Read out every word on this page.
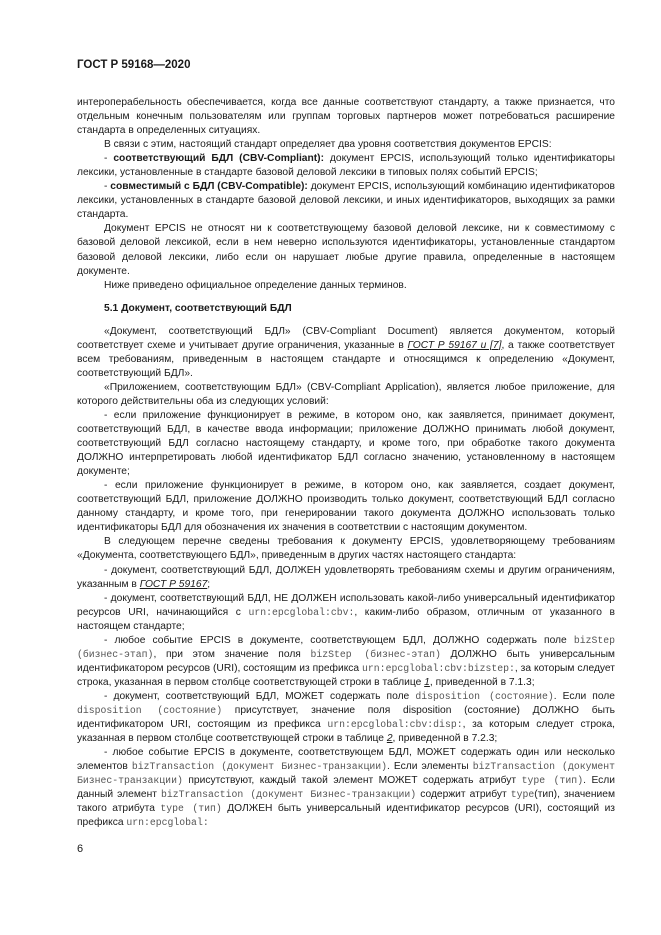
ГОСТ Р 59168—2020

интероперабельность обеспечивается, когда все данные соответствуют стандарту, а также признается, что отдельным конечным пользователям или группам торговых партнеров может потребоваться расширение стандарта в определенных ситуациях.

В связи с этим, настоящий стандарт определяет два уровня соответствия документов EPCIS:

- соответствующий БДЛ (CBV-Compliant): документ EPCIS, использующий только идентификаторы лексики, установленные в стандарте базовой деловой лексики в типовых полях событий EPCIS;

- совместимый с БДЛ (CBV-Compatible): документ EPCIS, использующий комбинацию идентификаторов лексики, установленных в стандарте базовой деловой лексики, и иных идентификаторов, выходящих за рамки стандарта.

Документ EPCIS не относят ни к соответствующему базовой деловой лексике, ни к совместимому с базовой деловой лексикой, если в нем неверно используются идентификаторы, установленные стандартом базовой деловой лексики, либо если он нарушает любые другие правила, определенные в настоящем документе.

Ниже приведено официальное определение данных терминов.

5.1 Документ, соответствующий БДЛ

«Документ, соответствующий БДЛ» (CBV-Compliant Document) является документом, который соответствует схеме и учитывает другие ограничения, указанные в ГОСТ Р 59167 и [7], а также соответствует всем требованиям, приведенным в настоящем стандарте и относящимся к определению «Документ, соответствующий БДЛ».

«Приложением, соответствующим БДЛ» (CBV-Compliant Application), является любое приложение, для которого действительны оба из следующих условий:

- если приложение функционирует в режиме, в котором оно, как заявляется, принимает документ, соответствующий БДЛ, в качестве ввода информации; приложение ДОЛЖНО принимать любой документ, соответствующий БДЛ согласно настоящему стандарту, и кроме того, при обработке такого документа ДОЛЖНО интерпретировать любой идентификатор БДЛ согласно значению, установленному в настоящем документе;

- если приложение функционирует в режиме, в котором оно, как заявляется, создает документ, соответствующий БДЛ, приложение ДОЛЖНО производить только документ, соответствующий БДЛ согласно данному стандарту, и кроме того, при генерировании такого документа ДОЛЖНО использовать только идентификаторы БДЛ для обозначения их значения в соответствии с настоящим документом.

В следующем перечне сведены требования к документу EPCIS, удовлетворяющему требованиям «Документа, соответствующего БДЛ», приведенным в других частях настоящего стандарта:

- документ, соответствующий БДЛ, ДОЛЖЕН удовлетворять требованиям схемы и другим ограничениям, указанным в ГОСТ Р 59167;

- документ, соответствующий БДЛ, НЕ ДОЛЖЕН использовать какой-либо универсальный идентификатор ресурсов URI, начинающийся с urn:epcglobal:cbv:, каким-либо образом, отличным от указанного в настоящем стандарте;

- любое событие EPCIS в документе, соответствующем БДЛ, ДОЛЖНО содержать поле bizStep (бизнес-этап), при этом значение поля bizStep (бизнес-этап) ДОЛЖНО быть универсальным идентификатором ресурсов (URI), состоящим из префикса urn:epcglobal:cbv:bizstep:, за которым следует строка, указанная в первом столбце соответствующей строки в таблице 1, приведенной в 7.1.3;

- документ, соответствующий БДЛ, МОЖЕТ содержать поле disposition (состояние). Если поле disposition (состояние) присутствует, значение поля disposition (состояние) ДОЛЖНО быть идентификатором URI, состоящим из префикса urn:epcglobal:cbv:disp:, за которым следует строка, указанная в первом столбце соответствующей строки в таблице 2, приведенной в 7.2.3;

- любое событие EPCIS в документе, соответствующем БДЛ, МОЖЕТ содержать один или несколько элементов bizTransaction (документ Бизнес-транзакции). Если элементы bizTransaction (документ Бизнес-транзакции) присутствуют, каждый такой элемент МОЖЕТ содержать атрибут type (тип). Если данный элемент bizTransaction (документ Бизнес-транзакции) содержит атрибут type(тип), значением такого атрибута type (тип) ДОЛЖЕН быть универсальный идентификатор ресурсов (URI), состоящий из префикса urn:epcglobal:

6
